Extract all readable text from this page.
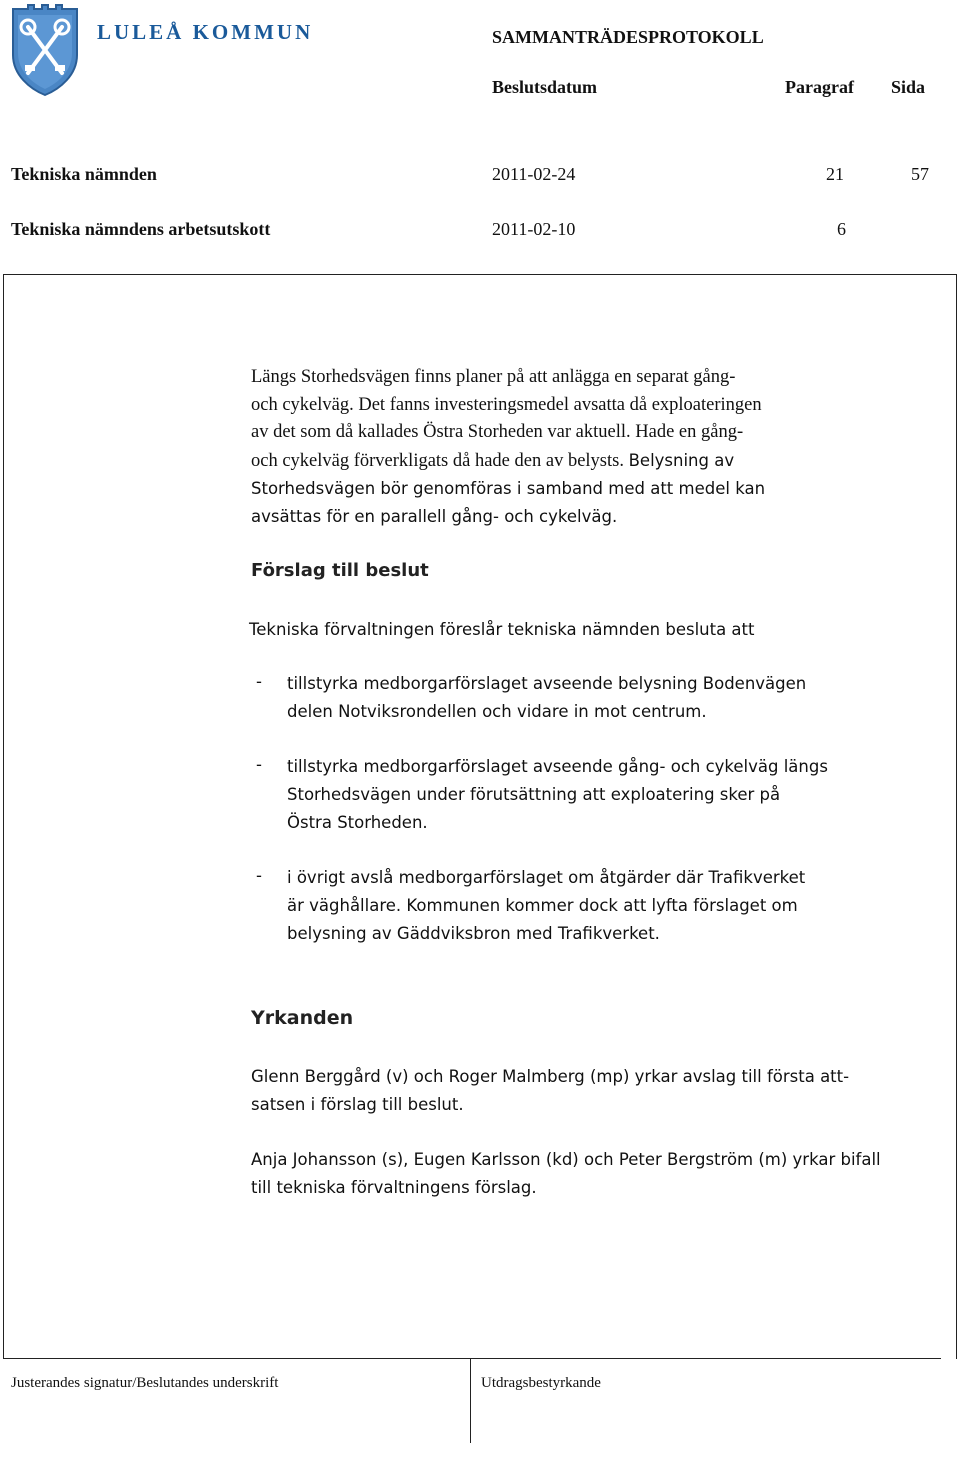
LULEÅ KOMMUN	SAMMANTRÄDESPROTOKOLL
Beslutsdatum	Paragraf Sida
Tekniska nämnden	2011-02-24	21	57
Tekniska nämndens arbetsutskott	2011-02-10	6
Längs Storhedsvägen finns planer på att anlägga en separat gång-
och cykelväg. Det fanns investeringsmedel avsatta då exploateringen
av det som då kallades Östra Storheden var aktuell. Hade en gång-
och cykelväg förverkligats då hade den av belysts. Belysning av
Storhedsvägen bör genomföras i samband med att medel kan
avsättas för en parallell gång- och cykelväg.
Förslag till beslut
Tekniska förvaltningen föreslår tekniska nämnden besluta att
- tillstyrka medborgarförslaget avseende belysning Bodenvägen
delen Notviksrondellen och vidare in mot centrum.
- tillstyrka medborgarförslaget avseende gång- och cykelväg längs
Storhedsvägen under förutsättning att exploatering sker på
Östra Storheden.
- i övrigt avslå medborgarförslaget om åtgärder där Trafikverket
är väghållare. Kommunen kommer dock att lyfta förslaget om
belysning av Gäddviksbron med Trafikverket.
Yrkanden
Glenn Berggård (v) och Roger Malmberg (mp) yrkar avslag till första att-
satsen i förslag till beslut.
Anja Johansson (s), Eugen Karlsson (kd) och Peter Bergström (m) yrkar bifall
till tekniska förvaltningens förslag.
Justerandes signatur/Beslutandes underskrift	Utdragsbestyrkande
